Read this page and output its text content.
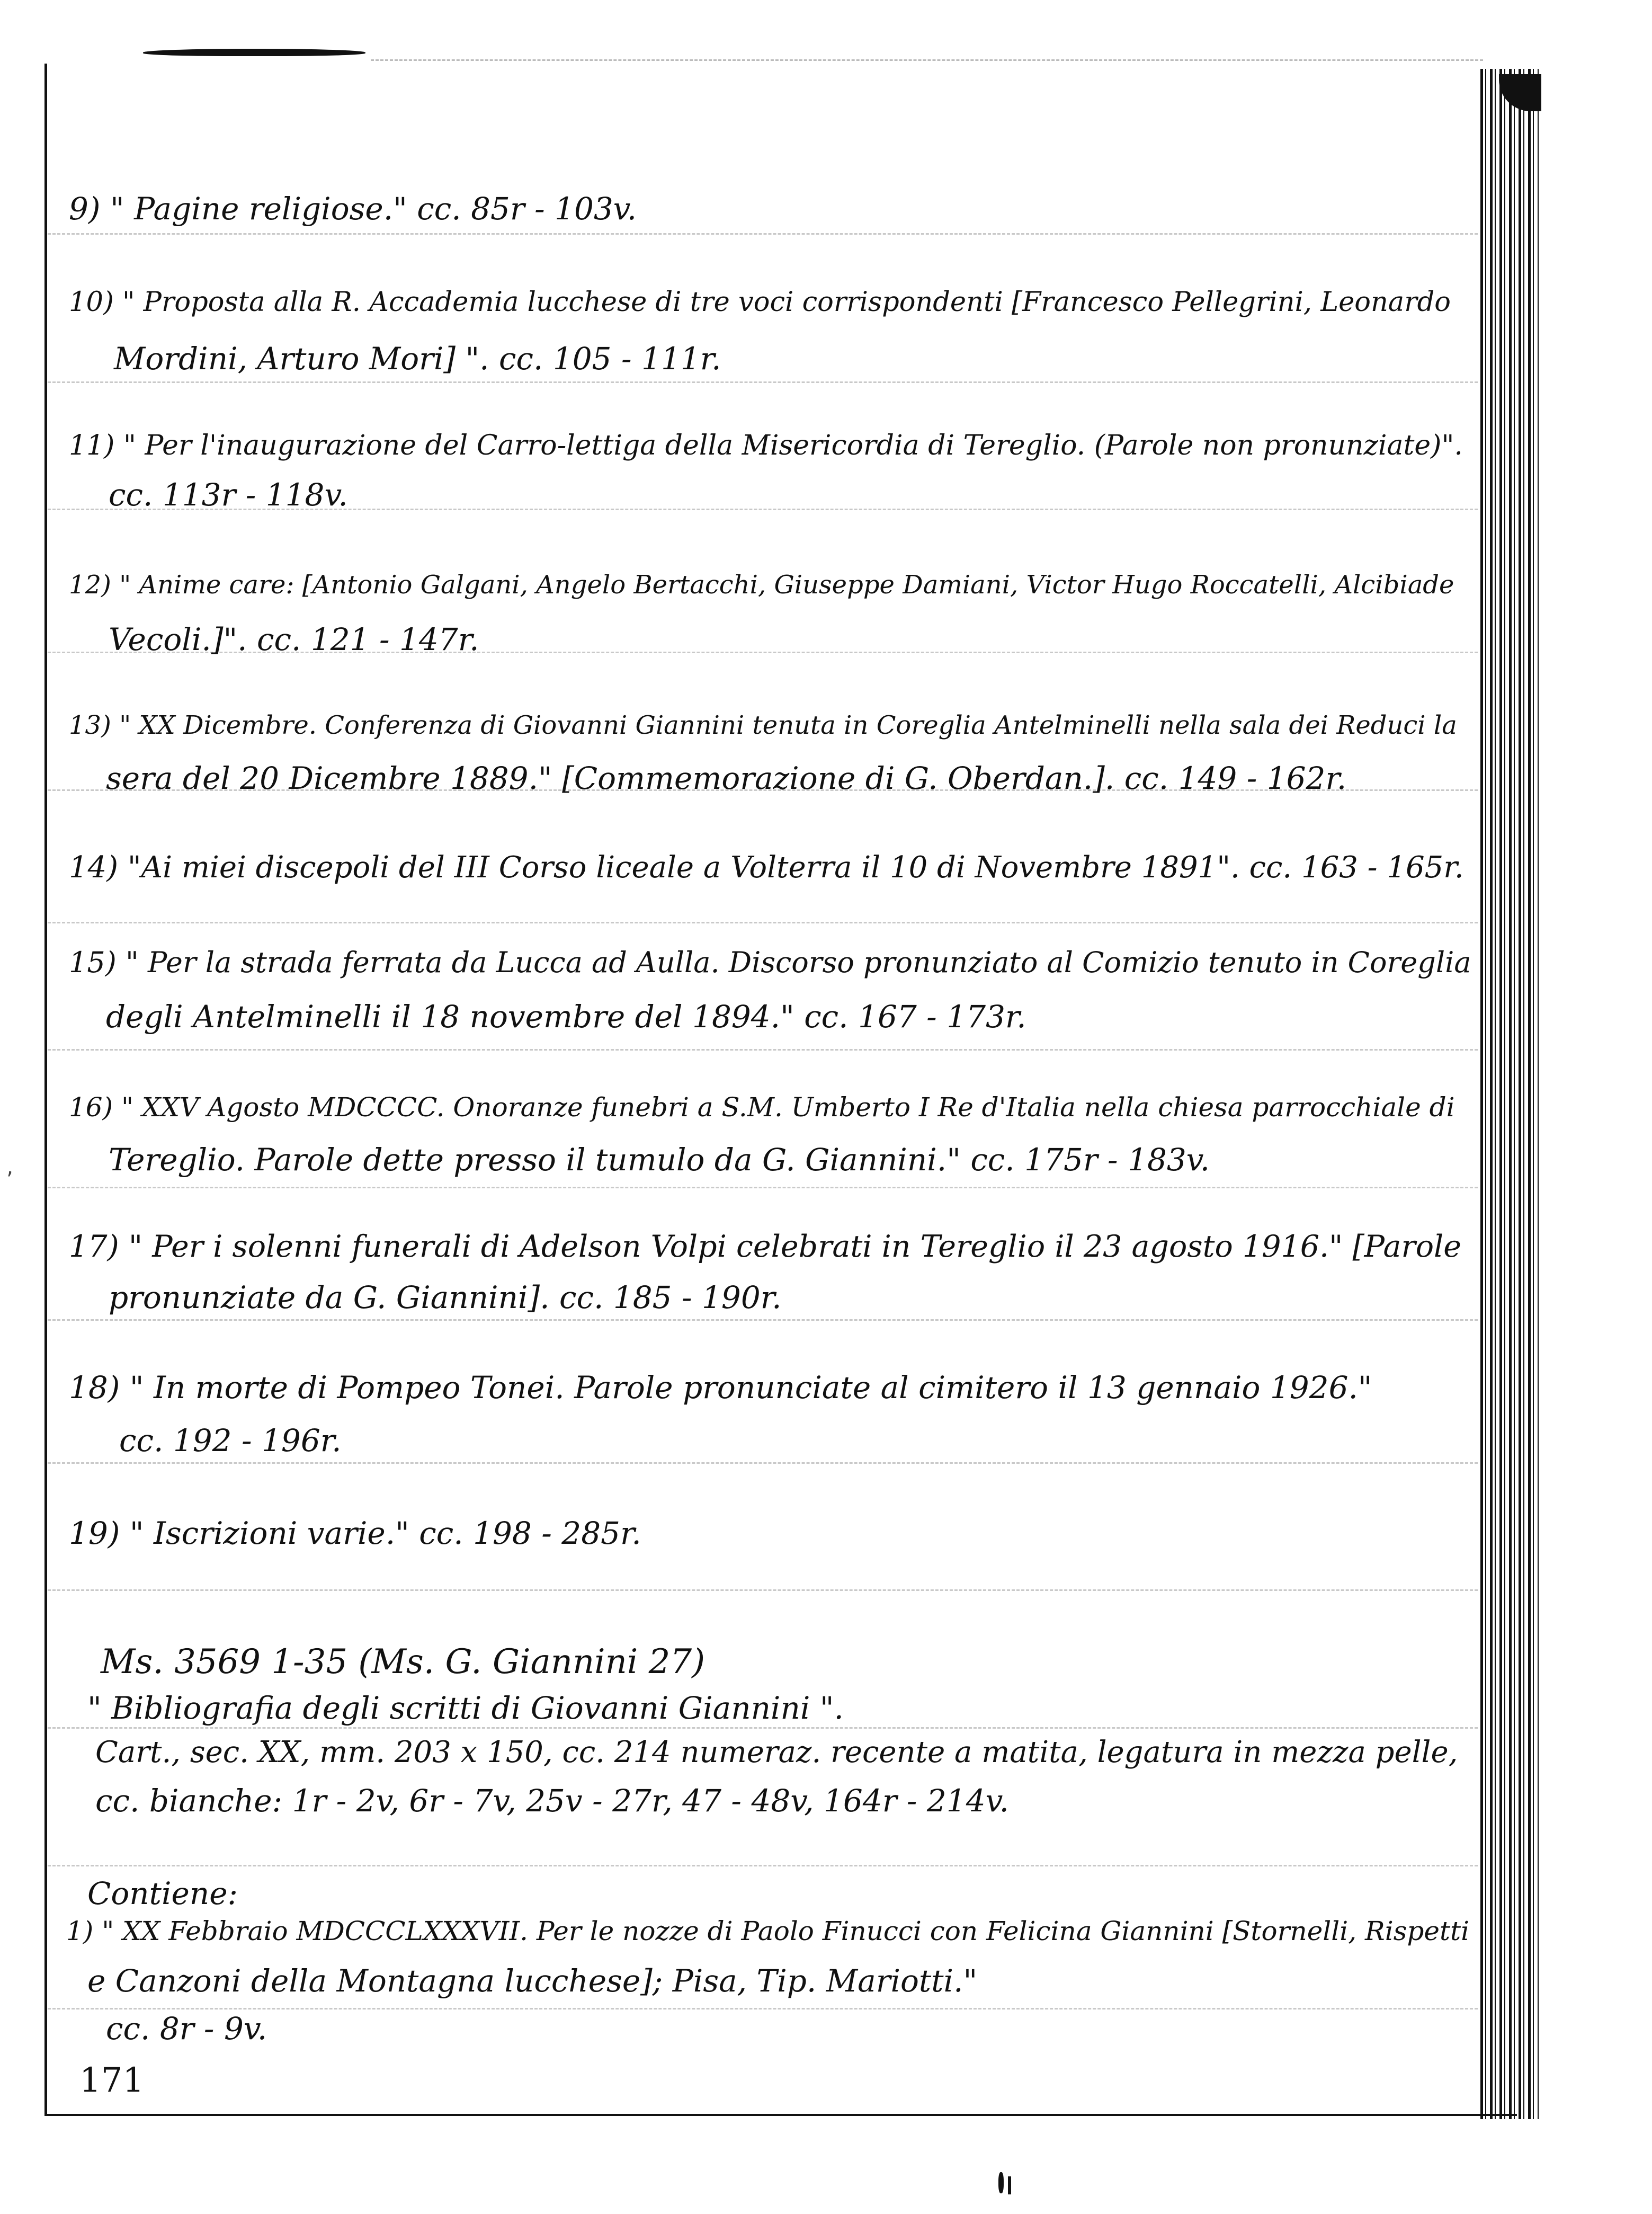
‚
9) " Pagine religiose." cc. 85r - 103v.
10) " Proposta alla R. Accademia lucchese di tre voci corrispondenti [Francesco Pellegrini, Leonardo
Mordini, Arturo Mori] ". cc. 105 - 111r.
11) " Per l'inaugurazione del Carro-lettiga della Misericordia di Tereglio. (Parole non pronunziate)".
cc. 113r - 118v.
12) " Anime care: [Antonio Galgani, Angelo Bertacchi, Giuseppe Damiani, Victor Hugo Roccatelli, Alcibiade
Vecoli.]". cc. 121 - 147r.
13) " XX Dicembre. Conferenza di Giovanni Giannini tenuta in Coreglia Antelminelli nella sala dei Reduci la
sera del 20 Dicembre 1889." [Commemorazione di G. Oberdan.]. cc. 149 - 162r.
14) "Ai miei discepoli del III Corso liceale a Volterra il 10 di Novembre 1891". cc. 163 - 165r.
15) " Per la strada ferrata da Lucca ad Aulla. Discorso pronunziato al Comizio tenuto in Coreglia
degli Antelminelli il 18 novembre del 1894." cc. 167 - 173r.
16) " XXV Agosto MDCCCC. Onoranze funebri a S.M. Umberto I Re d'Italia nella chiesa parrocchiale di
Tereglio. Parole dette presso il tumulo da G. Giannini." cc. 175r - 183v.
17) " Per i solenni funerali di Adelson Volpi celebrati in Tereglio il 23 agosto 1916." [Parole
pronunziate da G. Giannini]. cc. 185 - 190r.
18) " In morte di Pompeo Tonei. Parole pronunciate al cimitero il 13 gennaio 1926."
cc. 192 - 196r.
19) " Iscrizioni varie." cc. 198 - 285r.
Ms. 3569 1-35 (Ms. G. Giannini 27)
" Bibliografia degli scritti di Giovanni Giannini ".
Cart., sec. XX, mm. 203 x 150, cc. 214 numeraz. recente a matita, legatura in mezza pelle,
cc. bianche: 1r - 2v, 6r - 7v, 25v - 27r, 47 - 48v, 164r - 214v.
Contiene:
1) " XX Febbraio MDCCCLXXXVII. Per le nozze di Paolo Finucci con Felicina Giannini [Stornelli, Rispetti
e Canzoni della Montagna lucchese]; Pisa, Tip. Mariotti."
cc. 8r - 9v.
171
